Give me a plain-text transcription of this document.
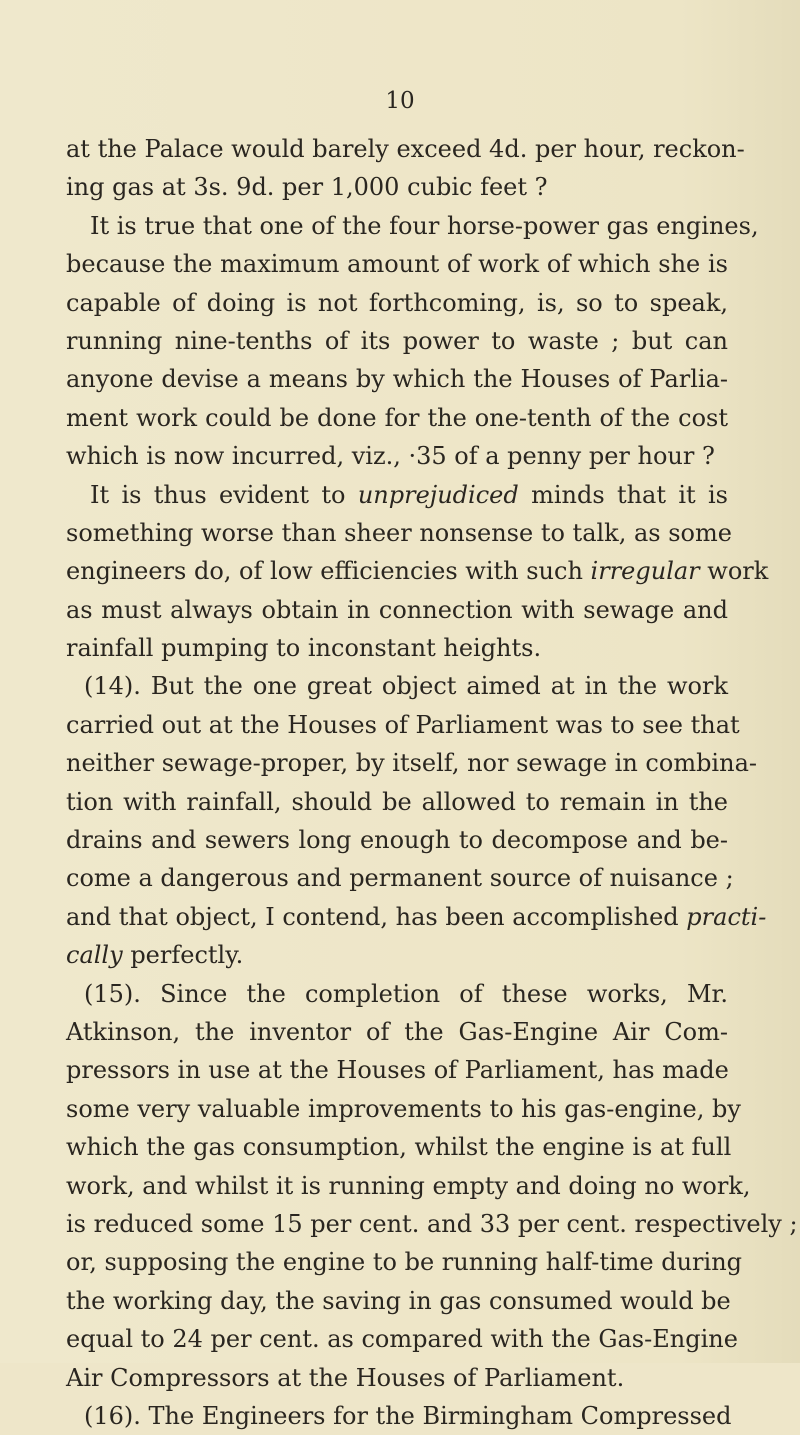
10
at the Palace would barely exceed 4d. per hour, reckon-
ing gas at 3s. 9d. per 1,000 cubic feet ?
It is true that one of the four horse-power gas engines,
because the maximum amount of work of which she is
capable of doing is not forthcoming, is, so to speak,
running nine-tenths of its power to waste ; but can
anyone devise a means by which the Houses of Parlia-
ment work could be done for the one-tenth of the cost
which is now incurred, viz., ·35 of a penny per hour ?
It is thus evident to unprejudiced minds that it is
something worse than sheer nonsense to talk, as some
engineers do, of low efficiencies with such irregular work
as must always obtain in connection with sewage and
rainfall pumping to inconstant heights.
(14). But the one great object aimed at in the work
carried out at the Houses of Parliament was to see that
neither sewage-proper, by itself, nor sewage in combina-
tion with rainfall, should be allowed to remain in the
drains and sewers long enough to decompose and be-
come a dangerous and permanent source of nuisance ;
and that object, I contend, has been accomplished practi-
cally perfectly.
(15). Since the completion of these works, Mr.
Atkinson, the inventor of the Gas-Engine Air Com-
pressors in use at the Houses of Parliament, has made
some very valuable improvements to his gas-engine, by
which the gas consumption, whilst the engine is at full
work, and whilst it is running empty and doing no work,
is reduced some 15 per cent. and 33 per cent. respectively ;
or, supposing the engine to be running half-time during
the working day, the saving in gas consumed would be
equal to 24 per cent. as compared with the Gas-Engine
Air Compressors at the Houses of Parliament.
(16). The Engineers for the Birmingham Compressed
